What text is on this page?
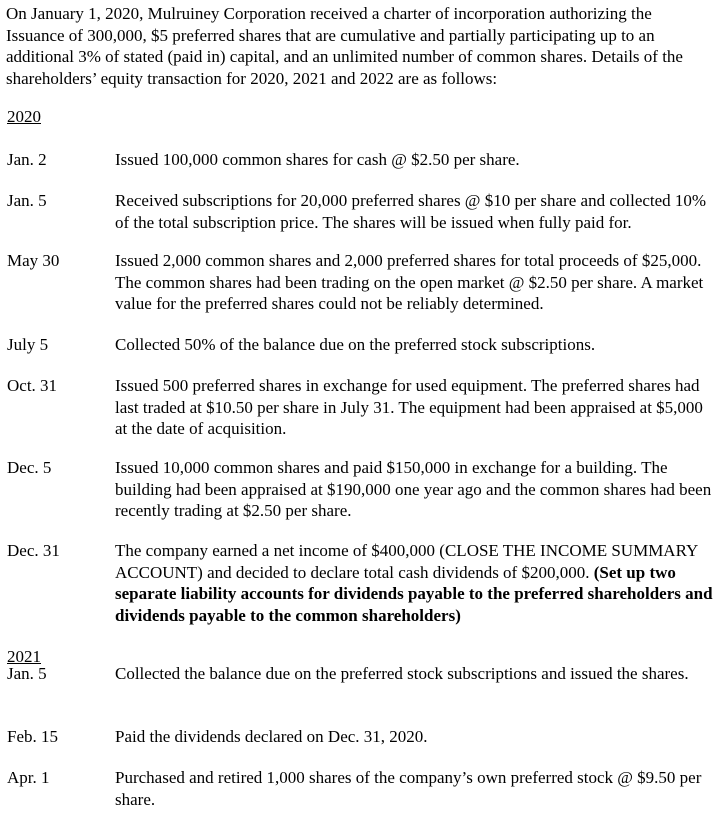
On January 1, 2020, Mulruiney Corporation received a charter of incorporation authorizing the Issuance of 300,000, $5 preferred shares that are cumulative and partially participating up to an additional 3% of stated (paid in) capital, and an unlimited number of common shares. Details of the shareholders’ equity transaction for 2020, 2021 and 2022 are as follows:

2020

Jan. 2	Issued 100,000 common shares for cash @ $2.50 per share.

Jan. 5	Received subscriptions for 20,000 preferred shares @ $10 per share and collected 10% of the total subscription price. The shares will be issued when fully paid for.

May 30	Issued 2,000 common shares and 2,000 preferred shares for total proceeds of $25,000. The common shares had been trading on the open market @ $2.50 per share. A market value for the preferred shares could not be reliably determined.

July 5	Collected 50% of the balance due on the preferred stock subscriptions.

Oct. 31	Issued 500 preferred shares in exchange for used equipment. The preferred shares had last traded at $10.50 per share in July 31. The equipment had been appraised at $5,000 at the date of acquisition.

Dec. 5	Issued 10,000 common shares and paid $150,000 in exchange for a building. The building had been appraised at $190,000 one year ago and the common shares had been recently trading at $2.50 per share.

Dec. 31	The company earned a net income of $400,000 (CLOSE THE INCOME SUMMARY ACCOUNT) and decided to declare total cash dividends of $200,000. (Set up two separate liability accounts for dividends payable to the preferred shareholders and dividends payable to the common shareholders)

2021

Jan. 5	Collected the balance due on the preferred stock subscriptions and issued the shares.

Feb. 15	Paid the dividends declared on Dec. 31, 2020.

Apr. 1	Purchased and retired 1,000 shares of the company’s own preferred stock @ $9.50 per share.
